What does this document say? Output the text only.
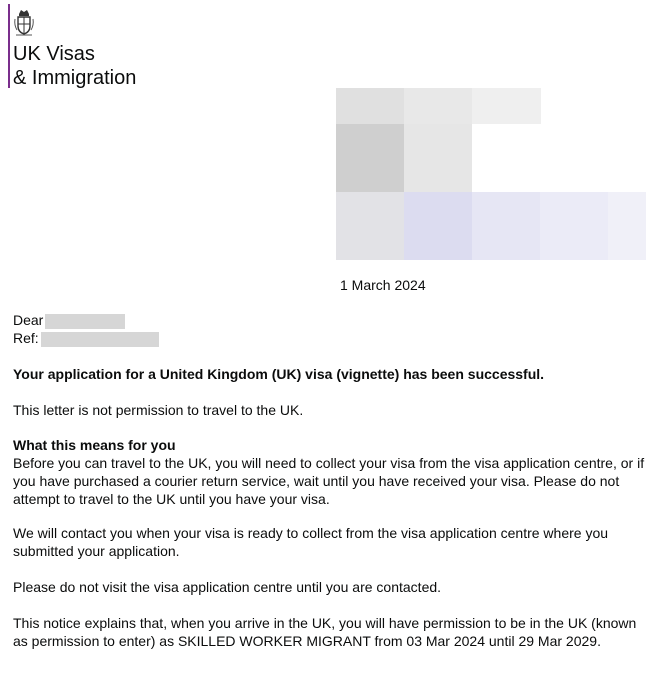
UK Visas
& Immigration
1 March 2024
Dear
Ref:

Your application for a United Kingdom (UK) visa (vignette) has been successful.

This letter is not permission to travel to the UK.

What this means for you

Before you can travel to the UK, you will need to collect your visa from the visa application centre, or if you have purchased a courier return service, wait until you have received your visa. Please do not attempt to travel to the UK until you have your visa.

We will contact you when your visa is ready to collect from the visa application centre where you submitted your application.

Please do not visit the visa application centre until you are contacted.

This notice explains that, when you arrive in the UK, you will have permission to be in the UK (known as permission to enter) as SKILLED WORKER MIGRANT from 03 Mar 2024 until 29 Mar 2029.
